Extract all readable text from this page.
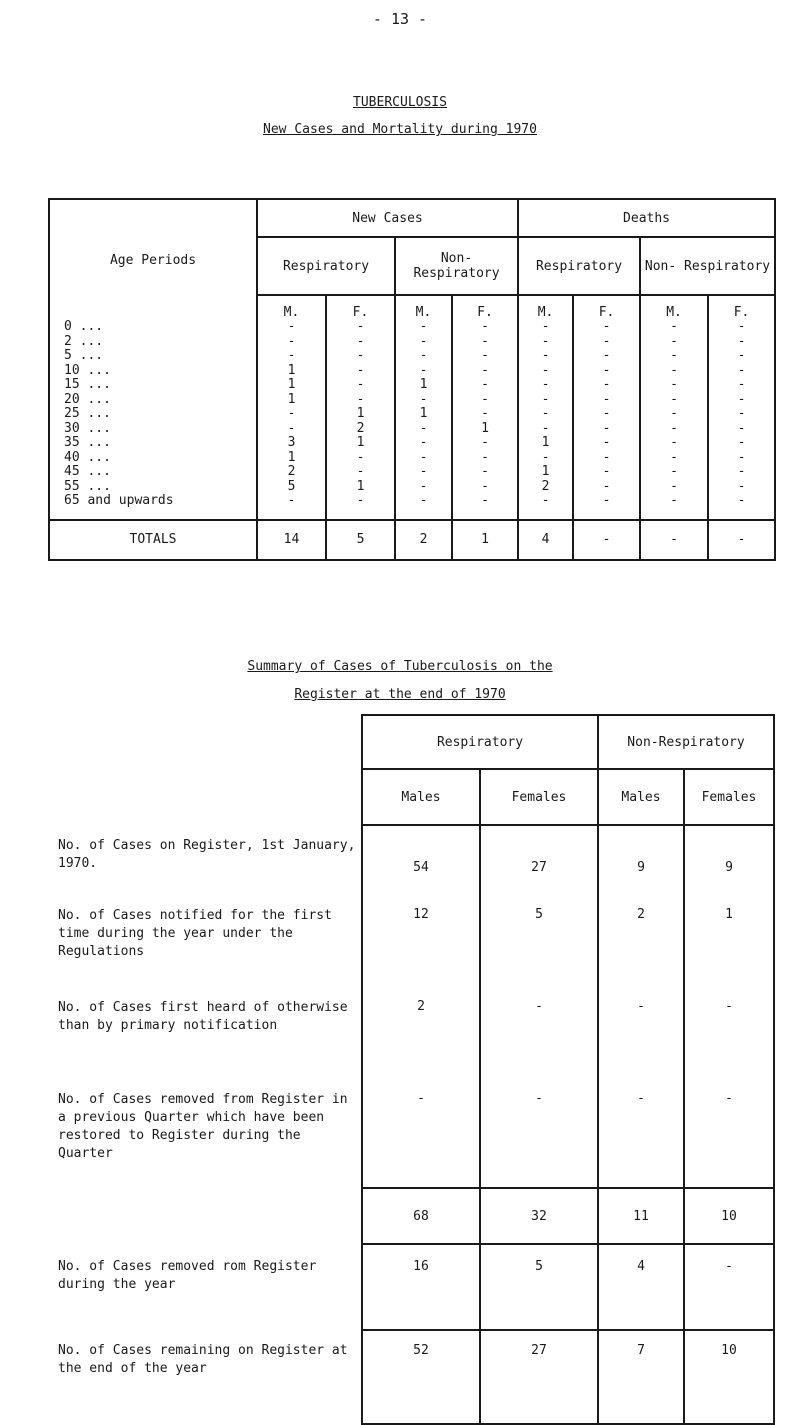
- 13 -
TUBERCULOSIS
New Cases and Mortality during 1970
Age Periods	New Cases				Deaths			
	Respiratory		Non- Respiratory		Respiratory		Non- Respiratory	
	M.	F.	M.	F.	M.	F.	M.	F.
0 ...	-	-	-	-	-	-	-	-
2 ...	-	-	-	-	-	-	-	-
5 ...	-	-	-	-	-	-	-	-
10 ...	1	-	-	-	-	-	-	-
15 ...	1	-	1	-	-	-	-	-
20 ...	1	-	-	-	-	-	-	-
25 ...	-	1	1	-	-	-	-	-
30 ...	-	2	-	1	-	-	-	-
35 ...	3	1	-	-	1	-	-	-
40 ...	1	-	-	-	-	-	-	-
45 ...	2	-	-	-	1	-	-	-
55 ...	5	1	-	-	2	-	-	-
65 and upwards	-	-	-	-	-	-	-	-

TOTALS	14	5	2	1	4	-	-	-
Summary of Cases of Tuberculosis on the
Register at the end of 1970
	Respiratory		Non-Respiratory	
	Males	Females	Males	Females
No. of Cases on Register, 1st January, 1970.	54	27	9	9
No. of Cases notified for the first time during the year under the Regulations	12	5	2	1
No. of Cases first heard of otherwise than by primary notification	2	-	-	-
No. of Cases removed from Register in a previous Quarter which have been restored to Register during the Quarter	-	-	-	-
	68	32	11	10
No. of Cases removed rom Register during the year	16	5	4	-
No. of Cases remaining on Register at the end of the year	52	27	7	10
